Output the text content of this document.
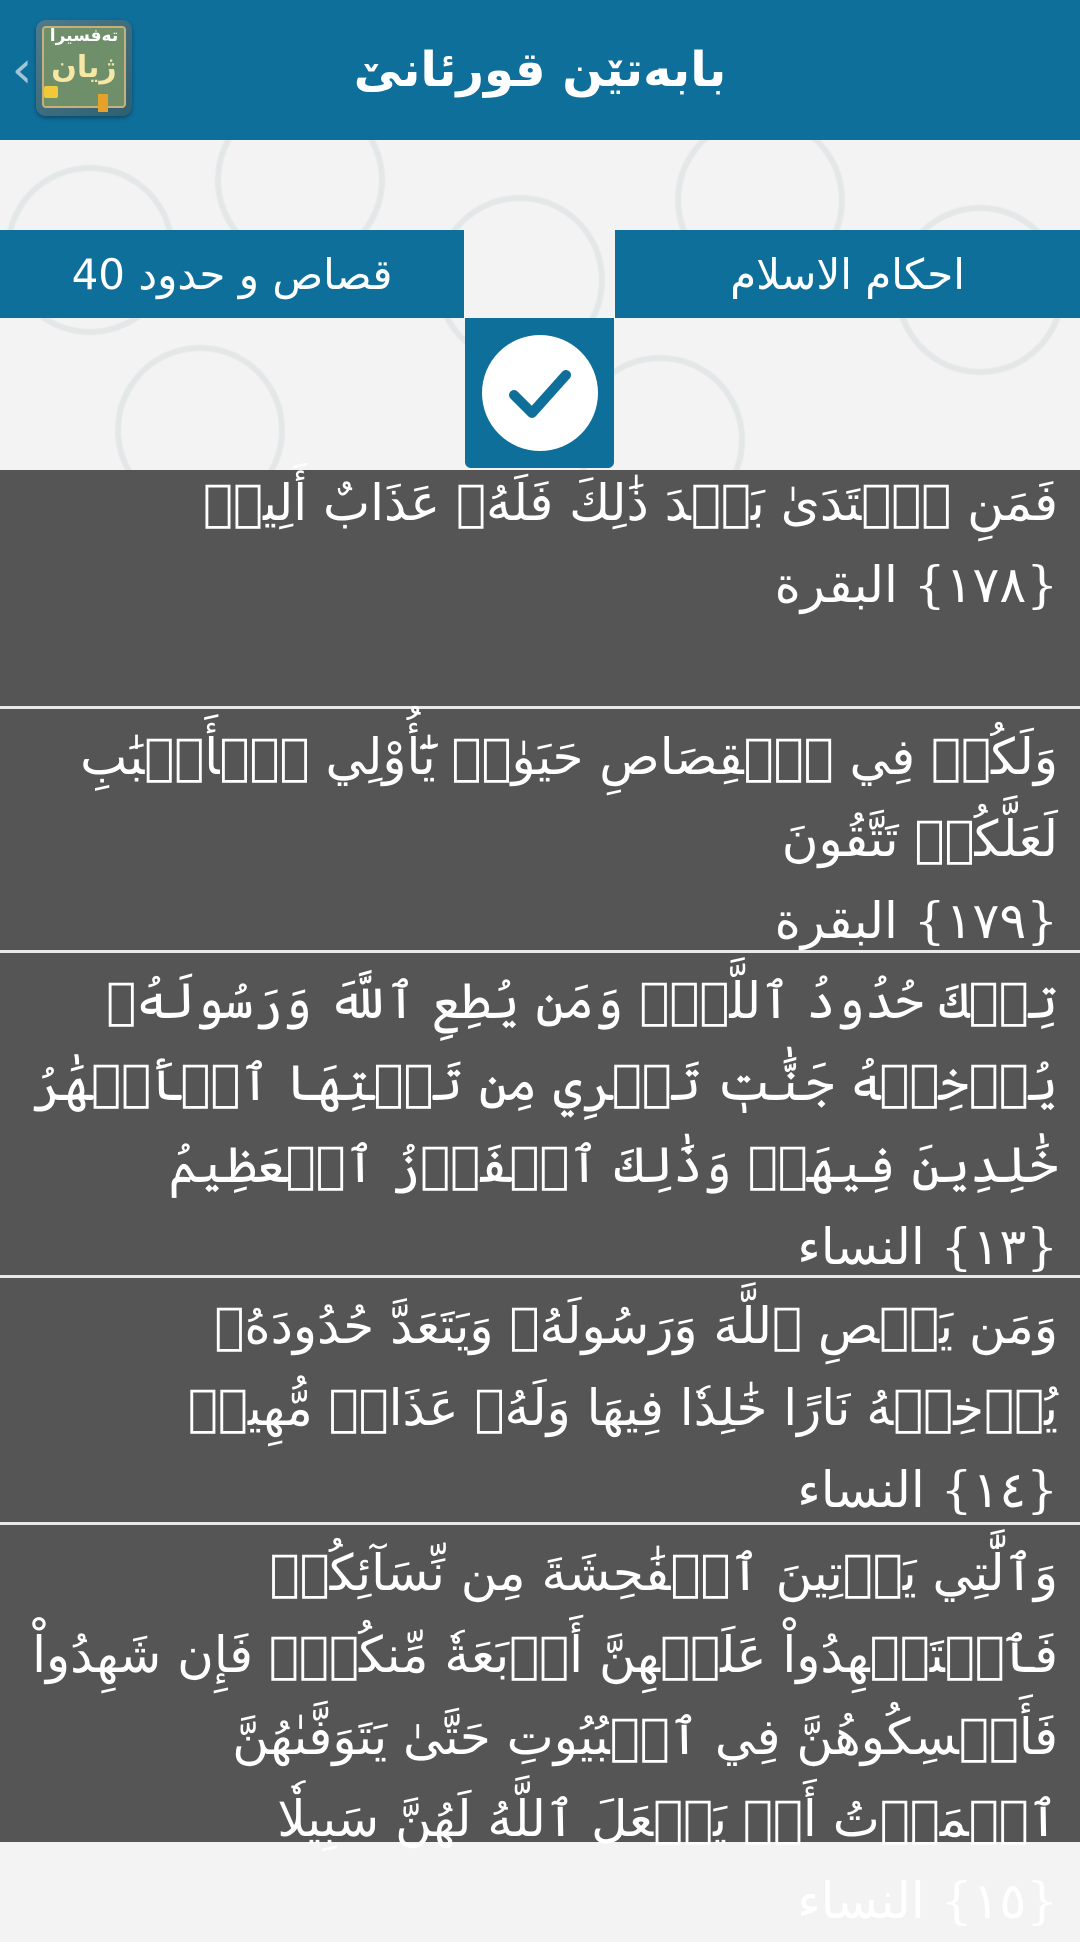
‹
تەفسیرا
ژیان	بابەتێن قورئانێ
قصاص و حدود 40	احكام الاسلام
فَمَنِ ٱعۡتَدَىٰ بَعۡدَ ذَٰلِكَ فَلَهُۥ عَذَابٌ أَلِيمٞ
{١٧٨} البقرة
وَلَكُمۡ فِي ٱلۡقِصَاصِ حَيَوٰةٞ يَٰٓأُوْلِي ٱلۡأَلۡبَٰبِ لَعَلَّكُمۡ تَتَّقُونَ
{١٧٩} البقرة
تِلۡكَ حُدُودُ ٱللَّهِۚ وَمَن يُطِعِ ٱللَّهَ وَرَسُولَهُۥ يُدۡخِلۡهُ جَنَّٰتٖ تَجۡرِي مِن تَحۡتِهَا ٱلۡأَنۡهَٰرُ خَٰلِدِينَ فِيهَاۚ وَذَٰلِكَ ٱلۡفَوۡزُ ٱلۡعَظِيمُ
{١٣} النساء
وَمَن يَعۡصِ ٱللَّهَ وَرَسُولَهُۥ وَيَتَعَدَّ حُدُودَهُۥ يُدۡخِلۡهُ نَارًا خَٰلِدٗا فِيهَا وَلَهُۥ عَذَابٞ مُّهِينٞ
{١٤} النساء
وَٱلَّٰتِي يَأۡتِينَ ٱلۡفَٰحِشَةَ مِن نِّسَآئِكُمۡ فَٱسۡتَشۡهِدُواْ عَلَيۡهِنَّ أَرۡبَعَةٗ مِّنكُمۡۖ فَإِن شَهِدُواْ فَأَمۡسِكُوهُنَّ فِي ٱلۡبُيُوتِ حَتَّىٰ يَتَوَفَّىٰهُنَّ ٱلۡمَوۡتُ أَوۡ يَجۡعَلَ ٱللَّهُ لَهُنَّ سَبِيلٗا
{١٥} النساء
